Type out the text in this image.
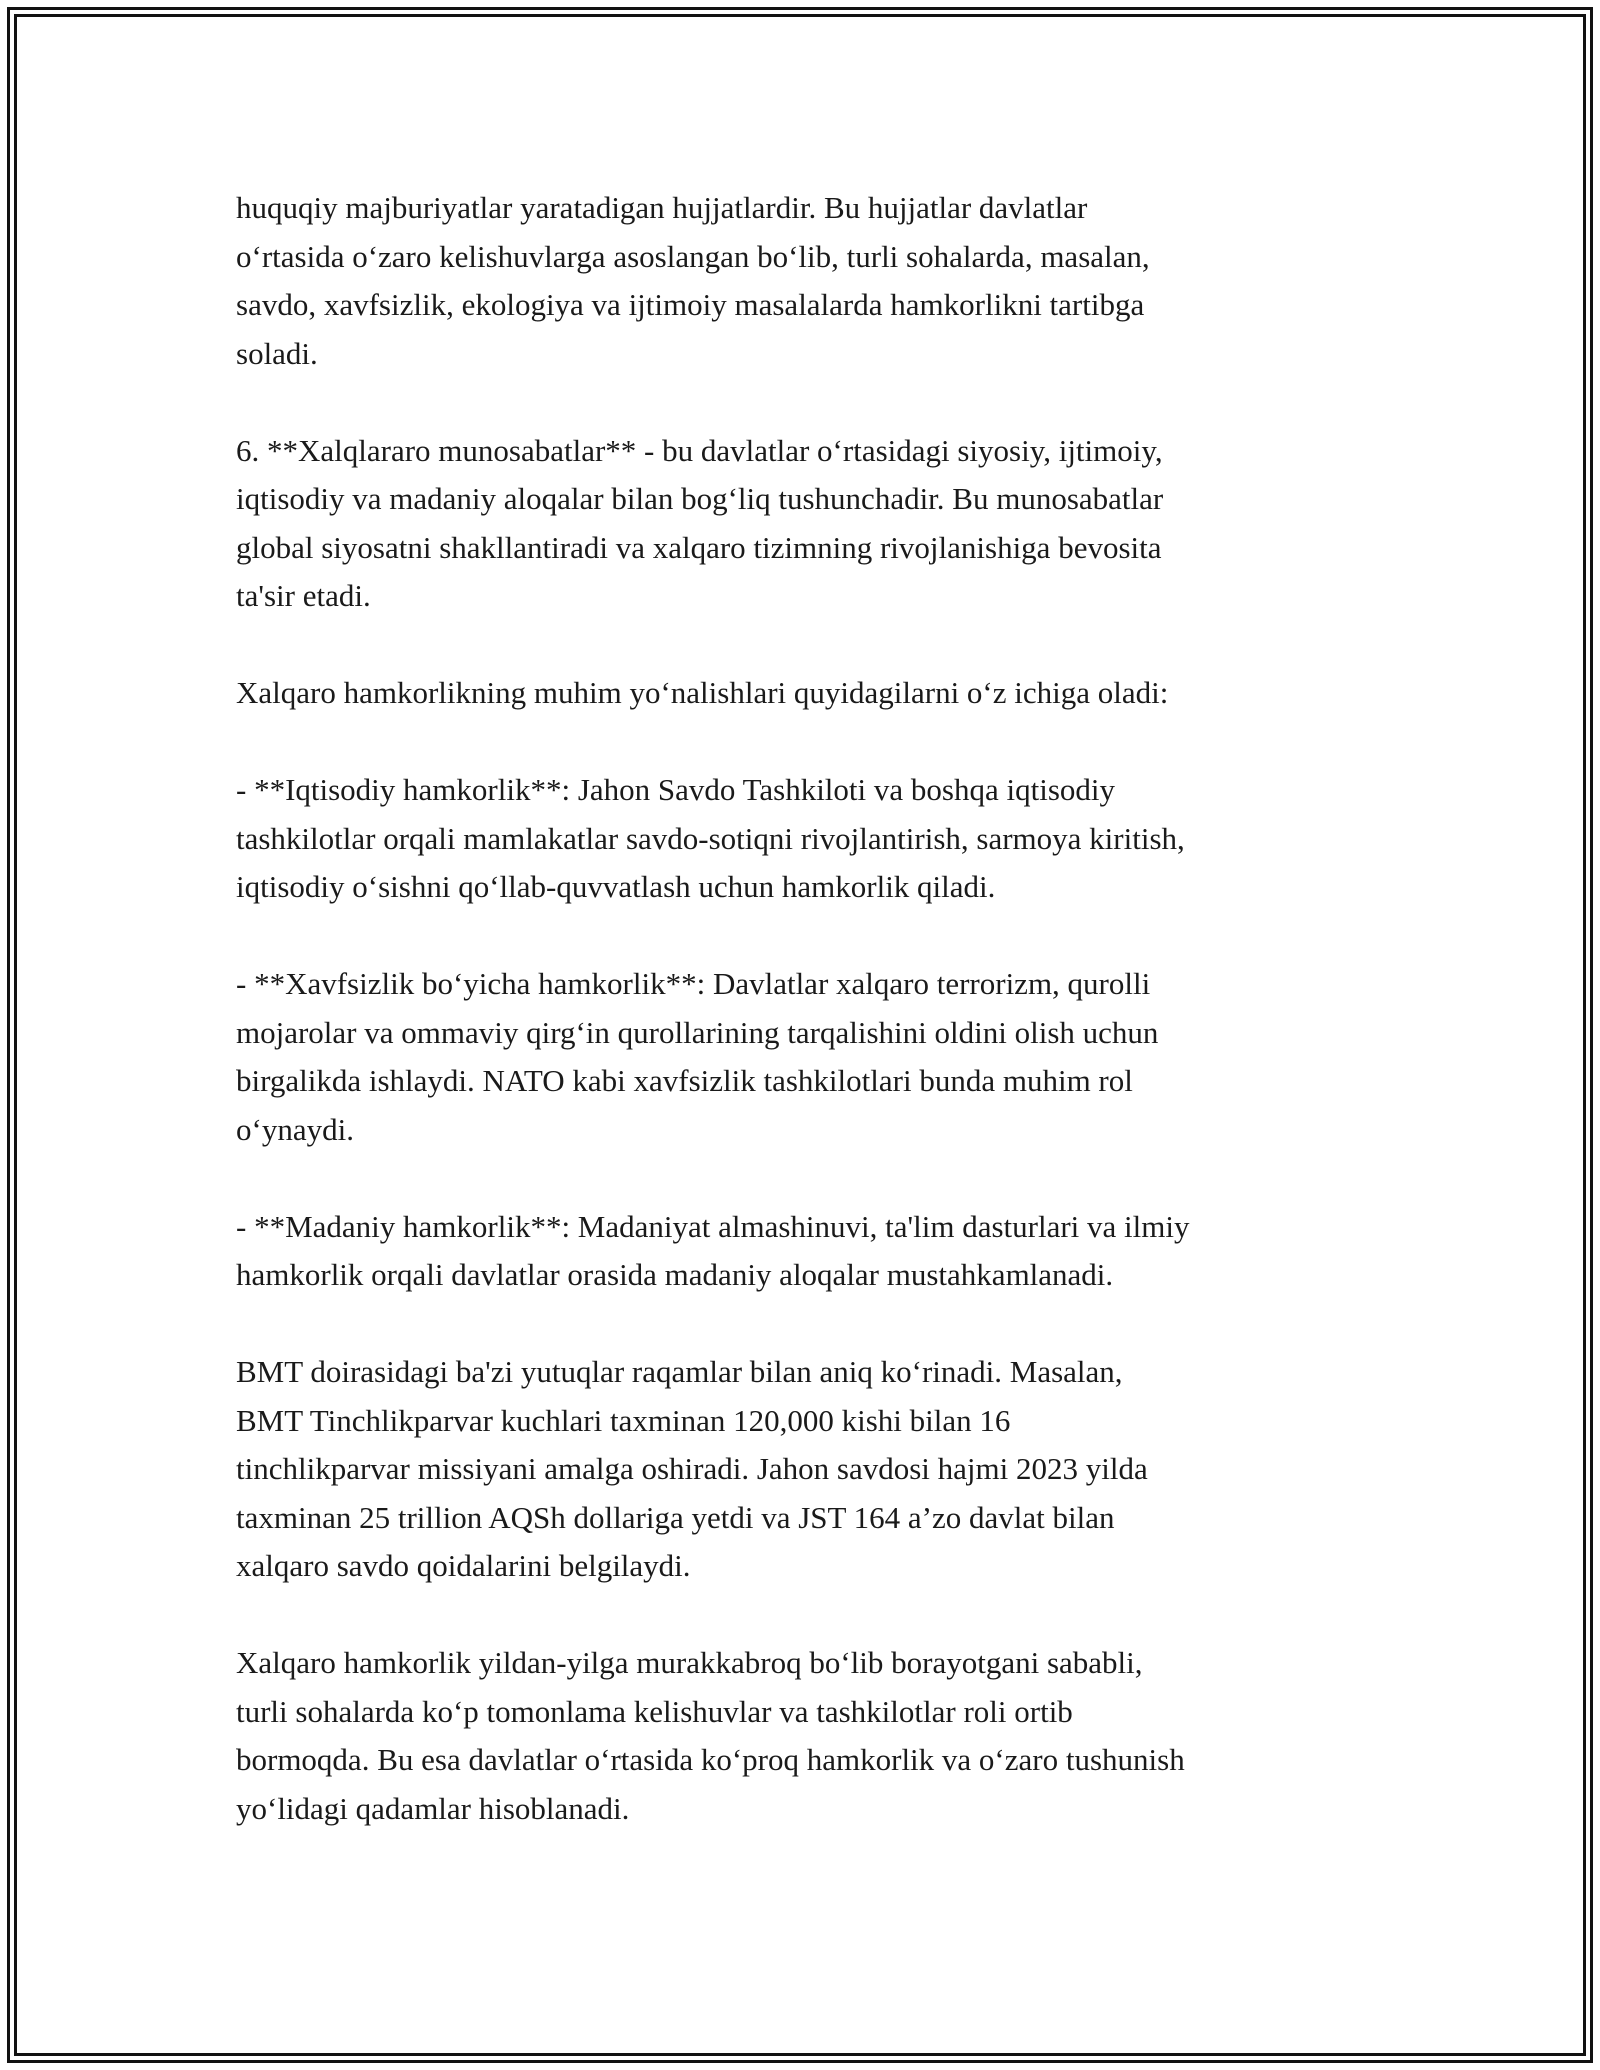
huquqiy majburiyatlar yaratadigan hujjatlardir. Bu hujjatlar davlatlar
o‘rtasida o‘zaro kelishuvlarga asoslangan bo‘lib, turli sohalarda, masalan,
savdo, xavfsizlik, ekologiya va ijtimoiy masalalarda hamkorlikni tartibga
soladi.

6. **Xalqlararo munosabatlar** - bu davlatlar o‘rtasidagi siyosiy, ijtimoiy,
iqtisodiy va madaniy aloqalar bilan bog‘liq tushunchadir. Bu munosabatlar
global siyosatni shakllantiradi va xalqaro tizimning rivojlanishiga bevosita
ta'sir etadi.

Xalqaro hamkorlikning muhim yo‘nalishlari quyidagilarni o‘z ichiga oladi:

- **Iqtisodiy hamkorlik**: Jahon Savdo Tashkiloti va boshqa iqtisodiy
tashkilotlar orqali mamlakatlar savdo-sotiqni rivojlantirish, sarmoya kiritish,
iqtisodiy o‘sishni qo‘llab-quvvatlash uchun hamkorlik qiladi.

- **Xavfsizlik bo‘yicha hamkorlik**: Davlatlar xalqaro terrorizm, qurolli
mojarolar va ommaviy qirg‘in qurollarining tarqalishini oldini olish uchun
birgalikda ishlaydi. NATO kabi xavfsizlik tashkilotlari bunda muhim rol
o‘ynaydi.

- **Madaniy hamkorlik**: Madaniyat almashinuvi, ta'lim dasturlari va ilmiy
hamkorlik orqali davlatlar orasida madaniy aloqalar mustahkamlanadi.

BMT doirasidagi ba'zi yutuqlar raqamlar bilan aniq ko‘rinadi. Masalan,
BMT Tinchlikparvar kuchlari taxminan 120,000 kishi bilan 16
tinchlikparvar missiyani amalga oshiradi. Jahon savdosi hajmi 2023 yilda
taxminan 25 trillion AQSh dollariga yetdi va JST 164 a’zo davlat bilan
xalqaro savdo qoidalarini belgilaydi.

Xalqaro hamkorlik yildan-yilga murakkabroq bo‘lib borayotgani sababli,
turli sohalarda ko‘p tomonlama kelishuvlar va tashkilotlar roli ortib
bormoqda. Bu esa davlatlar o‘rtasida ko‘proq hamkorlik va o‘zaro tushunish
yo‘lidagi qadamlar hisoblanadi.
